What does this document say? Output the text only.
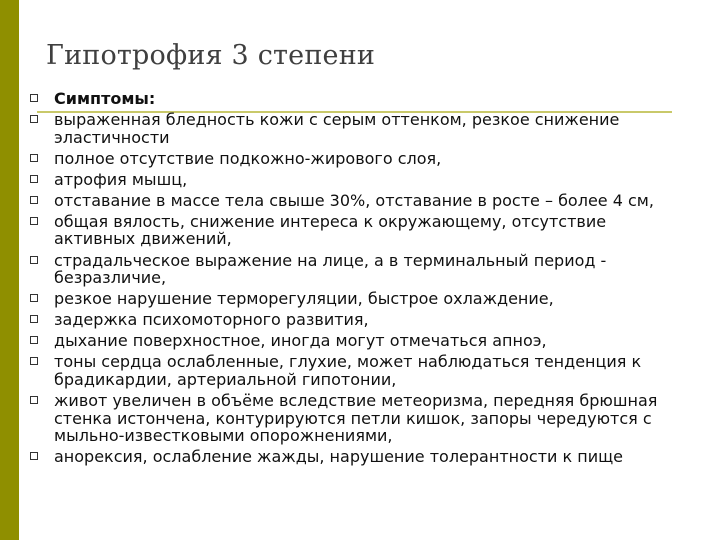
Гипотрофия 3 степени
Симптомы:
выраженная бледность кожи с серым оттенком, резкое снижение эластичности
полное отсутствие подкожно-жирового слоя,
атрофия мышц,
отставание в массе тела свыше 30%, отставание в росте – более 4 см,
общая вялость, снижение интереса к окружающему, отсутствие активных движений,
страдальческое выражение на лице, а в терминальный период - безразличие,
резкое нарушение терморегуляции, быстрое охлаждение,
задержка психомоторного развития,
дыхание поверхностное, иногда могут отмечаться апноэ,
тоны сердца ослабленные, глухие, может наблюдаться тенденция к брадикардии, артериальной гипотонии,
живот увеличен в объёме вследствие метеоризма, передняя брюшная стенка истончена, контурируются петли кишок, запоры чередуются с мыльно-известковыми опорожнениями,
анорексия, ослабление жажды, нарушение толерантности к пище
